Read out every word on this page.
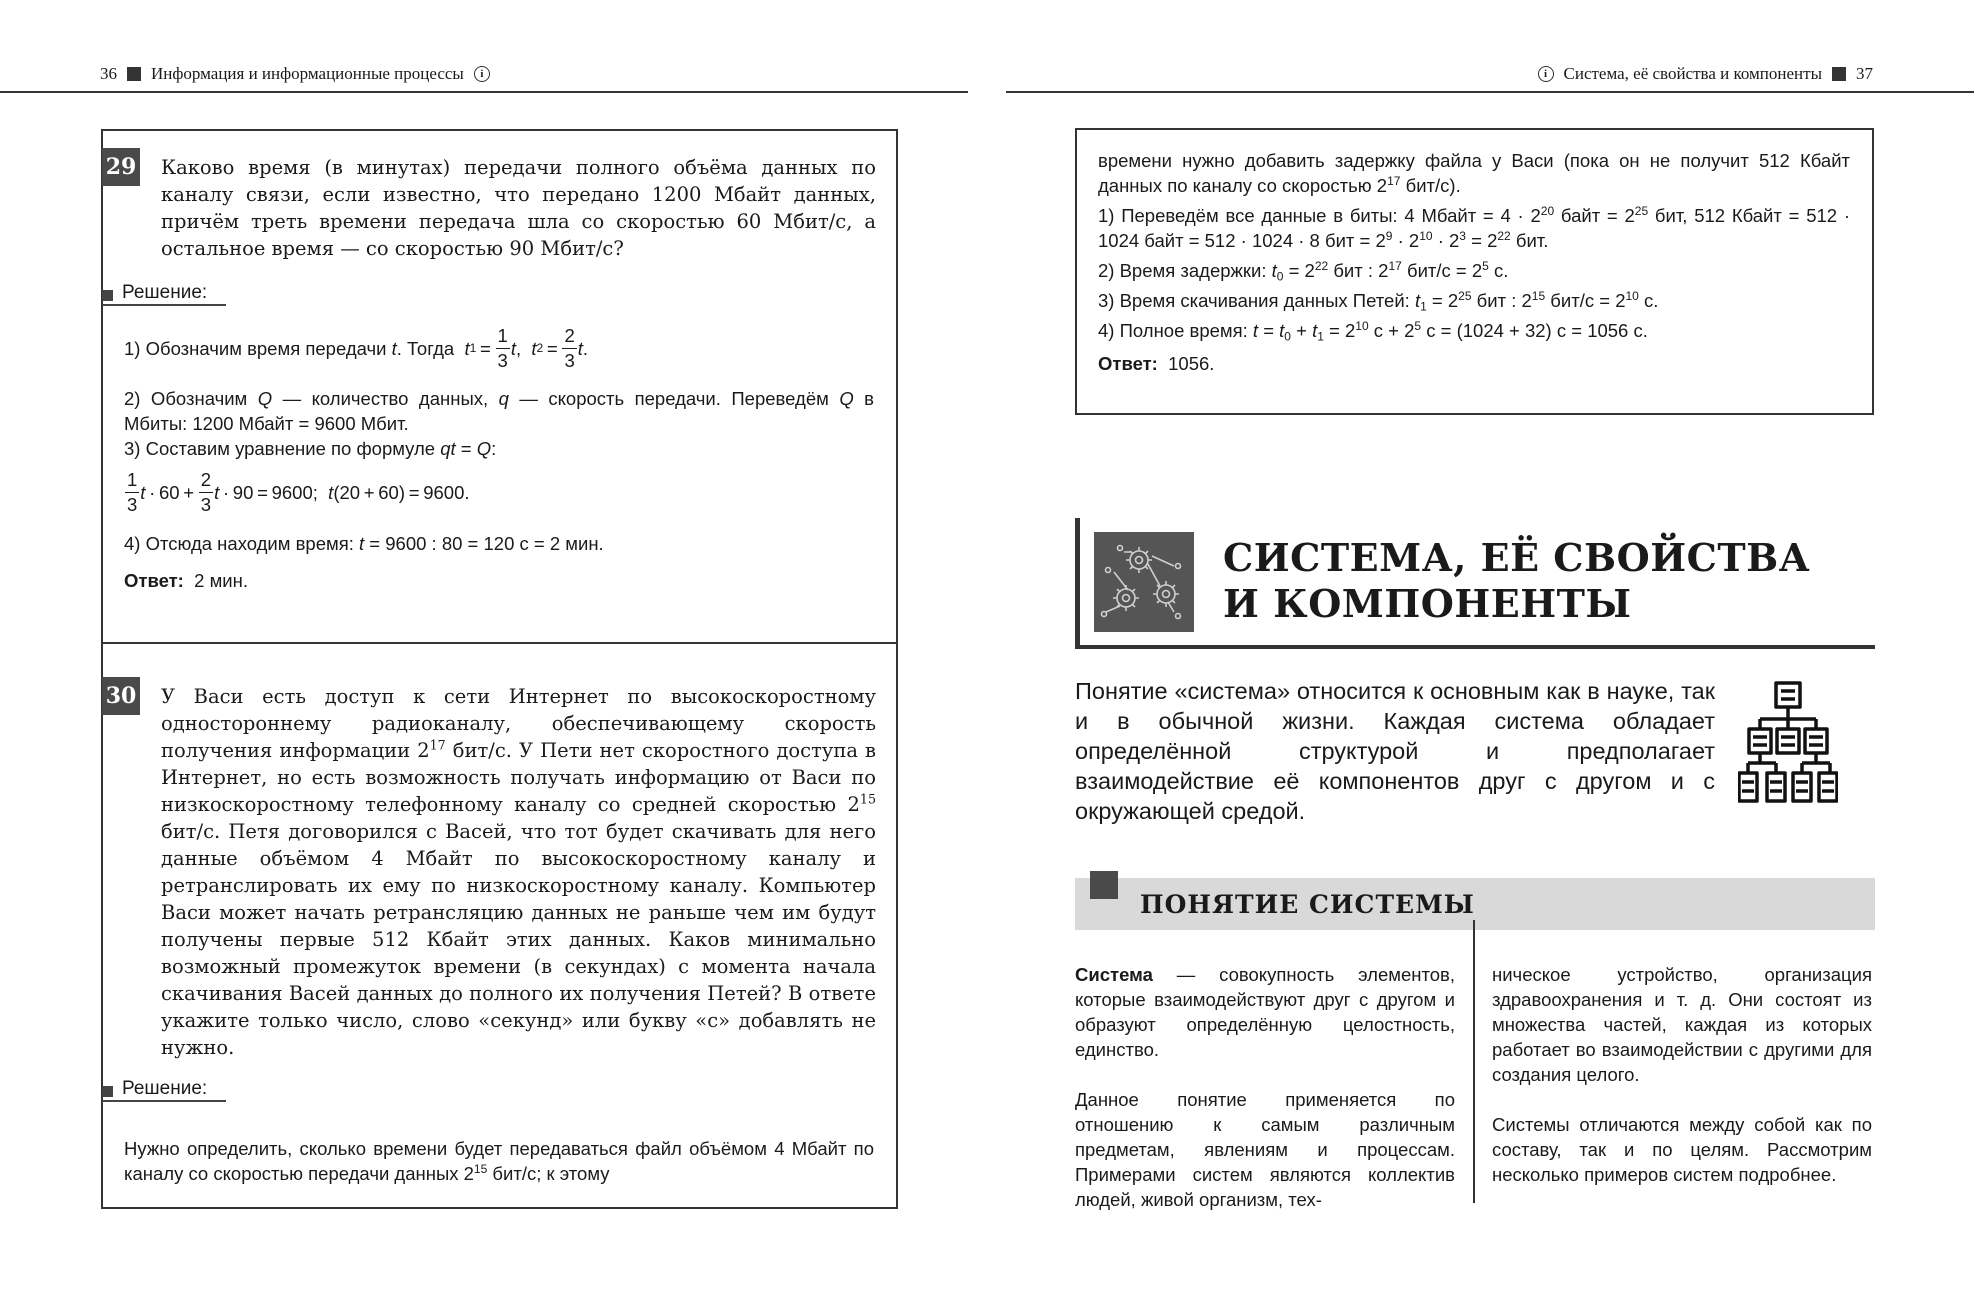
36 Информация и информационные процессы	i	i Система, её свойства и компоненты 37
29 Каково время (в минутах) передачи полного объёма данных по каналу связи, если известно, что передано 1200 Мбайт данных, причём треть времени передача шла со скоростью 60 Мбит/с, а остальное время — со скоростью 90 Мбит/с?
Решение:

1) Обозначим время передачи t . Тогда t 1  = 
1
3
t , t 2  = 
2
3
t .

2) Обозначим Q — количество данных, q — скорость передачи. Переведём Q в Мбиты: 1200 Мбайт = 9600 Мбит.

3) Составим уравнение по формуле qt = Q:

1
3
t  · 60 + 
2
3
t  · 90 = 9600; t (20 + 60) = 9600.

4) Отсюда находим время: t = 9600 : 80 = 120 с = 2 мин.

Ответ: 2 мин.

30 У Васи есть доступ к сети Интернет по высокоскоростному одностороннему радиоканалу, обеспечивающему скорость получения информации $2^{17}$ бит/с. У Пети нет скоростного доступа в Интернет, но есть возможность получать информацию от Васи по низкоскоростному телефонному каналу со средней скоростью $2^{15}$ бит/с. Петя договорился с Васей, что тот будет скачивать для него данные объёмом 4 Мбайт по высокоскоростному каналу и ретранслировать их ему по низкоскоростному каналу. Компьютер Васи может начать ретрансляцию данных не раньше чем им будут получены первые 512 Кбайт этих данных. Каков минимально возможный промежуток времени (в секундах) с момента начала скачивания Васей данных до полного их получения Петей? В ответе укажите только число, слово «секунд» или букву «с» добавлять не нужно.
Решение:

Нужно определить, сколько времени будет передаваться файл объёмом 4 Мбайт по каналу со скоростью передачи данных $2^{15}$ бит/с; к этому

времени нужно добавить задержку файла у Васи (пока он не получит 512 Кбайт данных по каналу со скоростью $2^{17}$ бит/с).

1) Переведём все данные в биты: 4 Мбайт = $4 \cdot 2^{20}$ байт = $2^{25}$ бит, 512 Кбайт = 512 · 1024 байт = 512 · 1024 · 8 бит = $2^9 \cdot 2^{10} \cdot 2^3 = 2^{22}$ бит.

2) Время задержки: $t_0 = 2^{22}$ бит : $2^{17}$ $бит/с = 2^5$ с.

3) Время скачивания данных Петей: $t_1 = 2^{25}$ бит : $2^{15}$ $бит/с = 2^{10}$ с.

4) Полное время: $t = t_0 + t_1 = 2^{10}$ $с + 2^5$ с = (1024 + 32) с = 1056 с.

Ответ: 1056.

СИСТЕМА, ЕЁ СВОЙСТВА
И КОМПОНЕНТЫ
Понятие «система» относится к основным как в науке, так и в обычной жизни. Каждая система обладает определённой структурой и предполагает взаимодействие её компонентов друг с другом и с окружающей средой.
ПОНЯТИЕ СИСТЕМЫ

Система — совокупность элементов, которые взаимодействуют друг с другом и образуют определённую целостность, единство.

Данное понятие применяется по отношению к самым различным предметам, явлениям и процессам. Примерами систем являются коллектив людей, живой организм, тех-

ническое устройство, организация здравоохранения и т. д. Они состоят из множества частей, каждая из которых работает во взаимодействии с другими для создания целого.

Системы отличаются между собой как по составу, так и по целям. Рассмотрим несколько примеров систем подробнее.
